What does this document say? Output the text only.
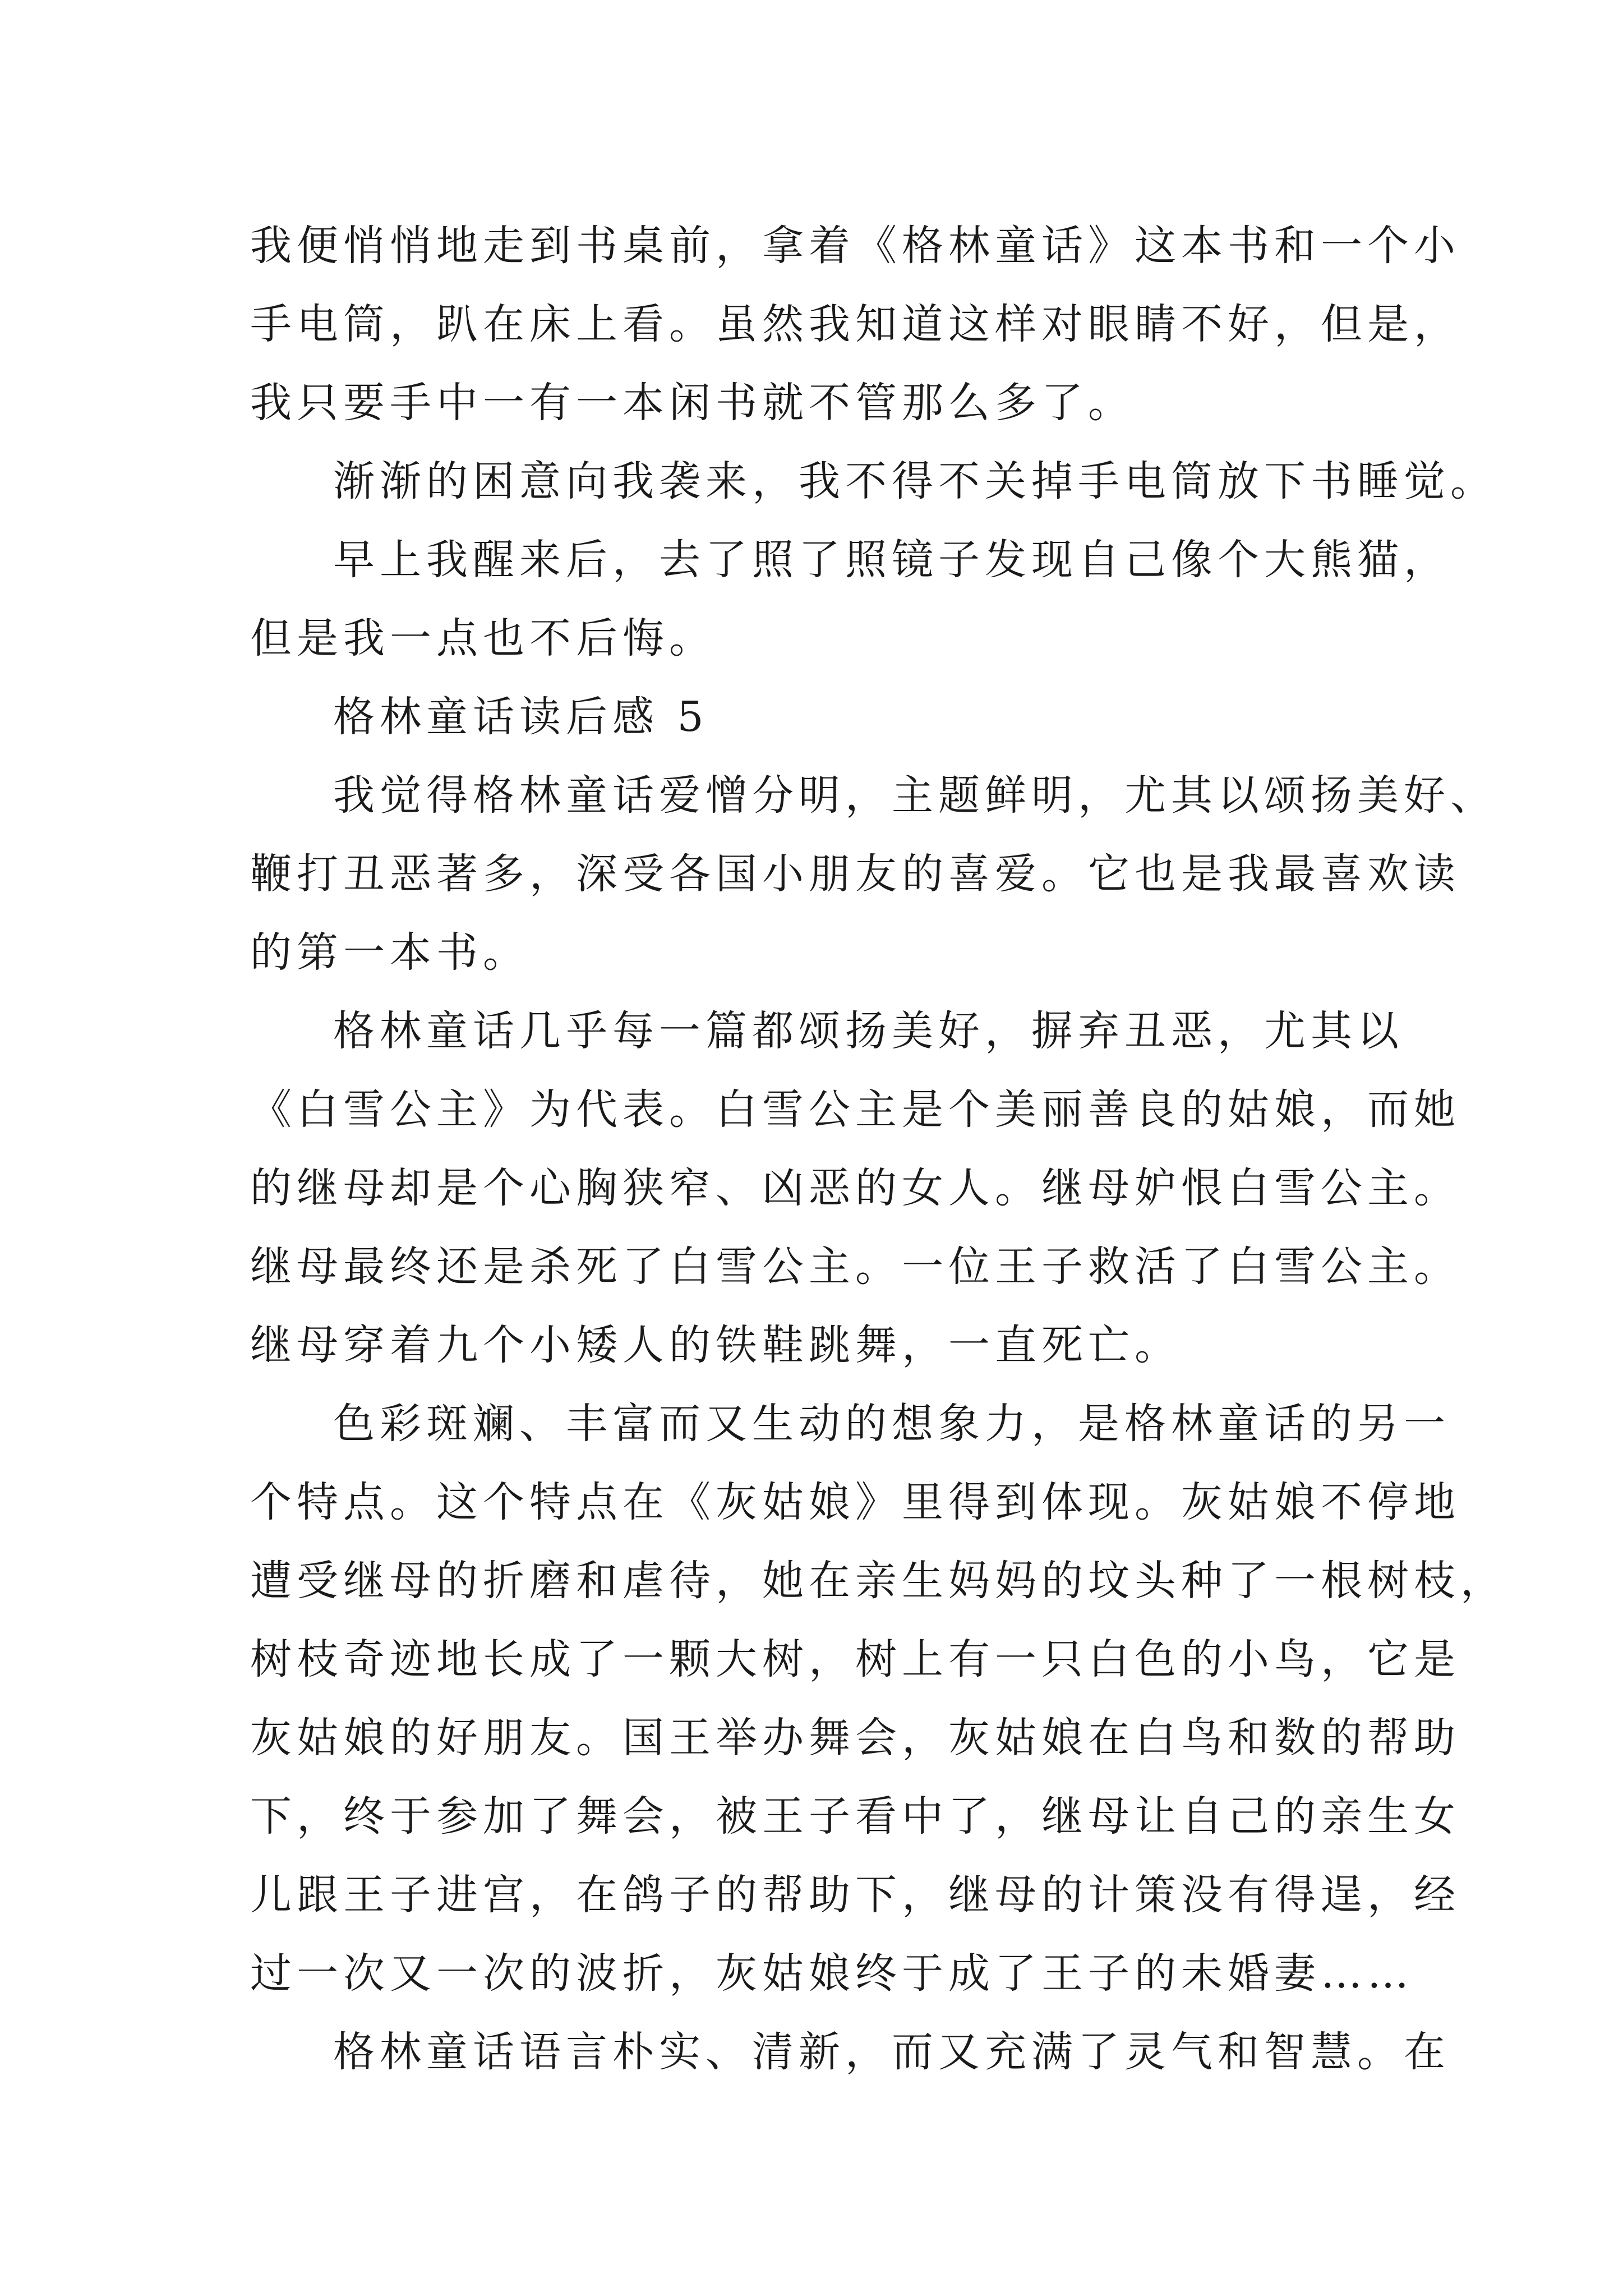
我便悄悄地走到书桌前，拿着《格林童话》这本书和一个小
手电筒，趴在床上看。虽然我知道这样对眼睛不好，但是，
我只要手中一有一本闲书就不管那么多了。
渐渐的困意向我袭来，我不得不关掉手电筒放下书睡觉。
早上我醒来后，去了照了照镜子发现自己像个大熊猫，
但是我一点也不后悔。
格林童话读后感 5
我觉得格林童话爱憎分明，主题鲜明，尤其以颂扬美好、
鞭打丑恶著多，深受各国小朋友的喜爱。它也是我最喜欢读
的第一本书。
格林童话几乎每一篇都颂扬美好，摒弃丑恶，尤其以
《白雪公主》为代表。白雪公主是个美丽善良的姑娘，而她
的继母却是个心胸狭窄、凶恶的女人。继母妒恨白雪公主。
继母最终还是杀死了白雪公主。一位王子救活了白雪公主。
继母穿着九个小矮人的铁鞋跳舞，一直死亡。
色彩斑斓、丰富而又生动的想象力，是格林童话的另一
个特点。这个特点在《灰姑娘》里得到体现。灰姑娘不停地
遭受继母的折磨和虐待，她在亲生妈妈的坟头种了一根树枝，
树枝奇迹地长成了一颗大树，树上有一只白色的小鸟，它是
灰姑娘的好朋友。国王举办舞会，灰姑娘在白鸟和数的帮助
下，终于参加了舞会，被王子看中了，继母让自己的亲生女
儿跟王子进宫，在鸽子的帮助下，继母的计策没有得逞，经
过一次又一次的波折，灰姑娘终于成了王子的未婚妻……
格林童话语言朴实、清新，而又充满了灵气和智慧。在
